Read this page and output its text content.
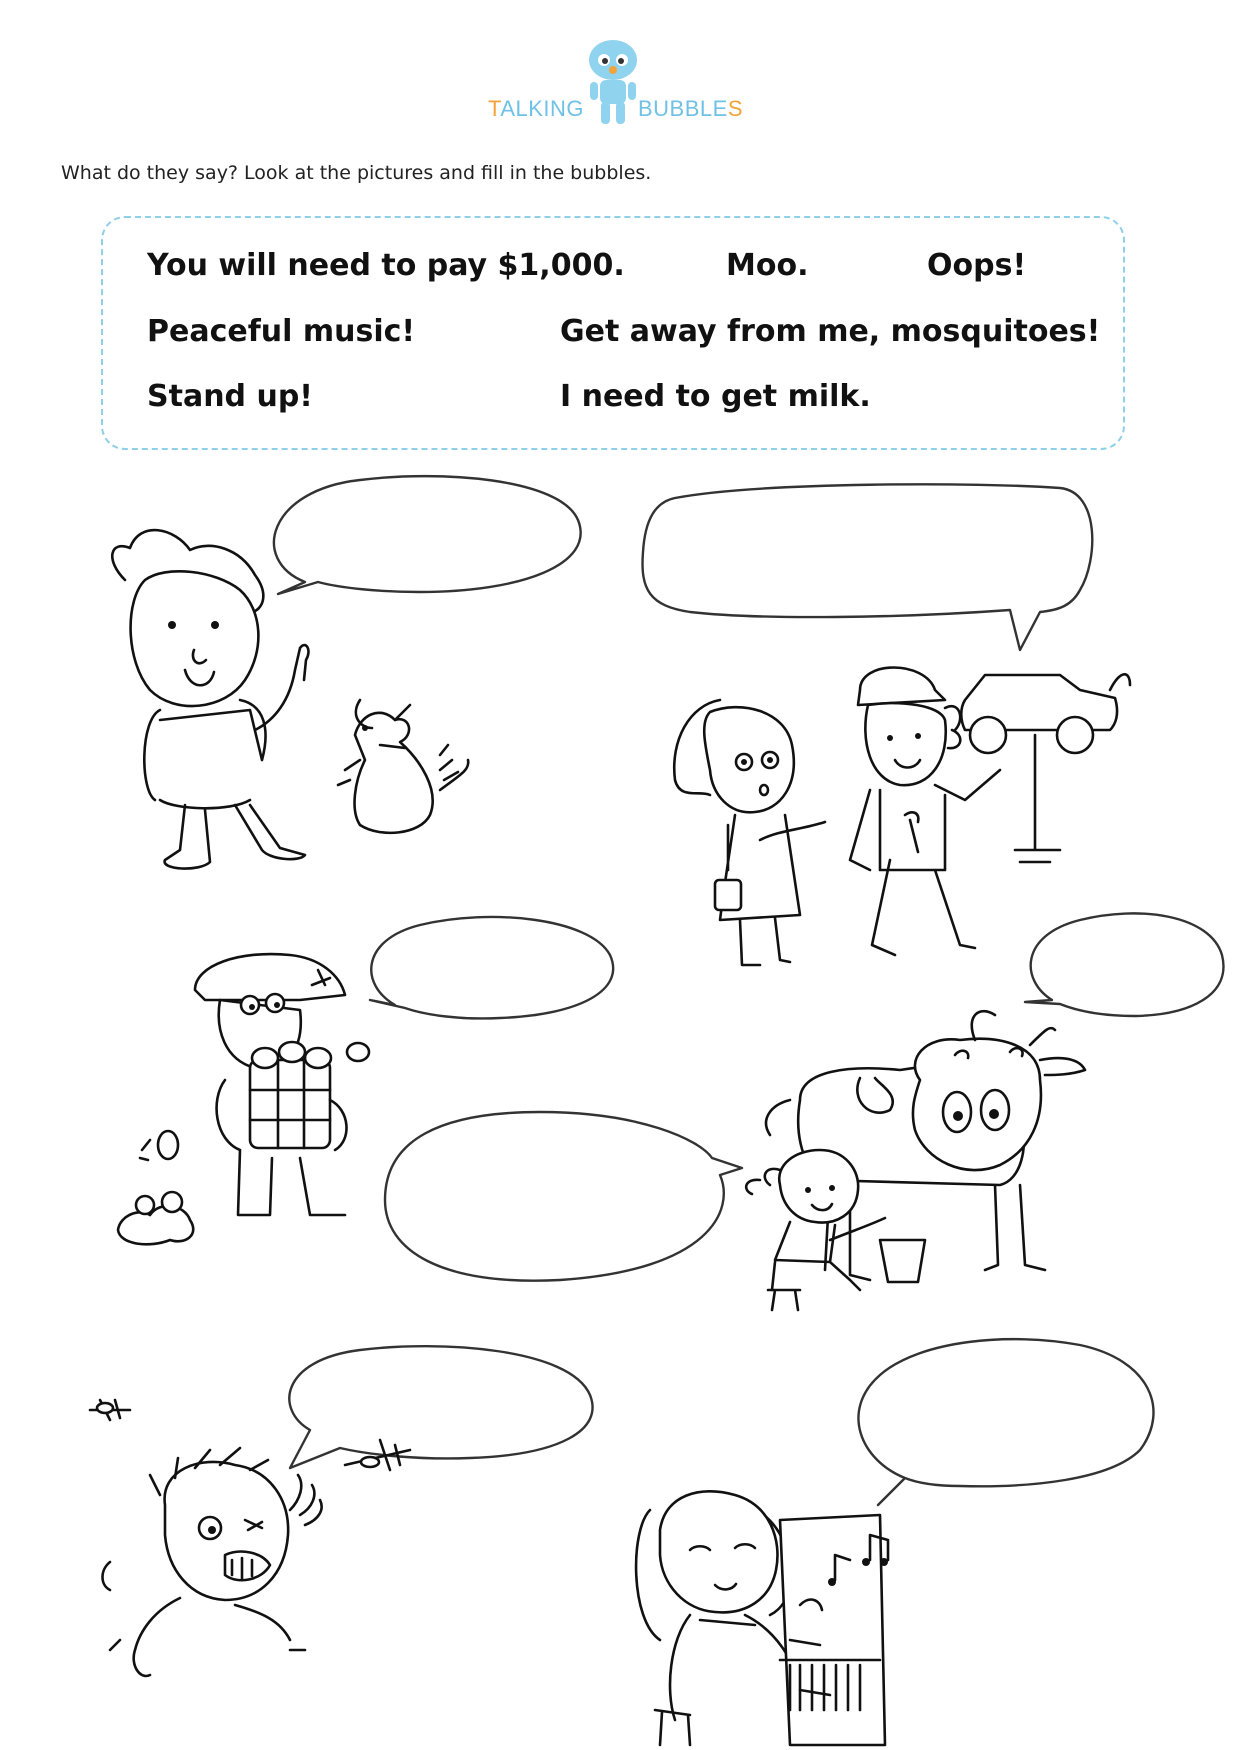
TALKING BUBBLES
What do they say? Look at the pictures and fill in the bubbles.
You will need to pay $1,000.	Moo.	Oops!
Peaceful music!	Get away from me, mosquitoes!
Stand up!	I need to get milk.
